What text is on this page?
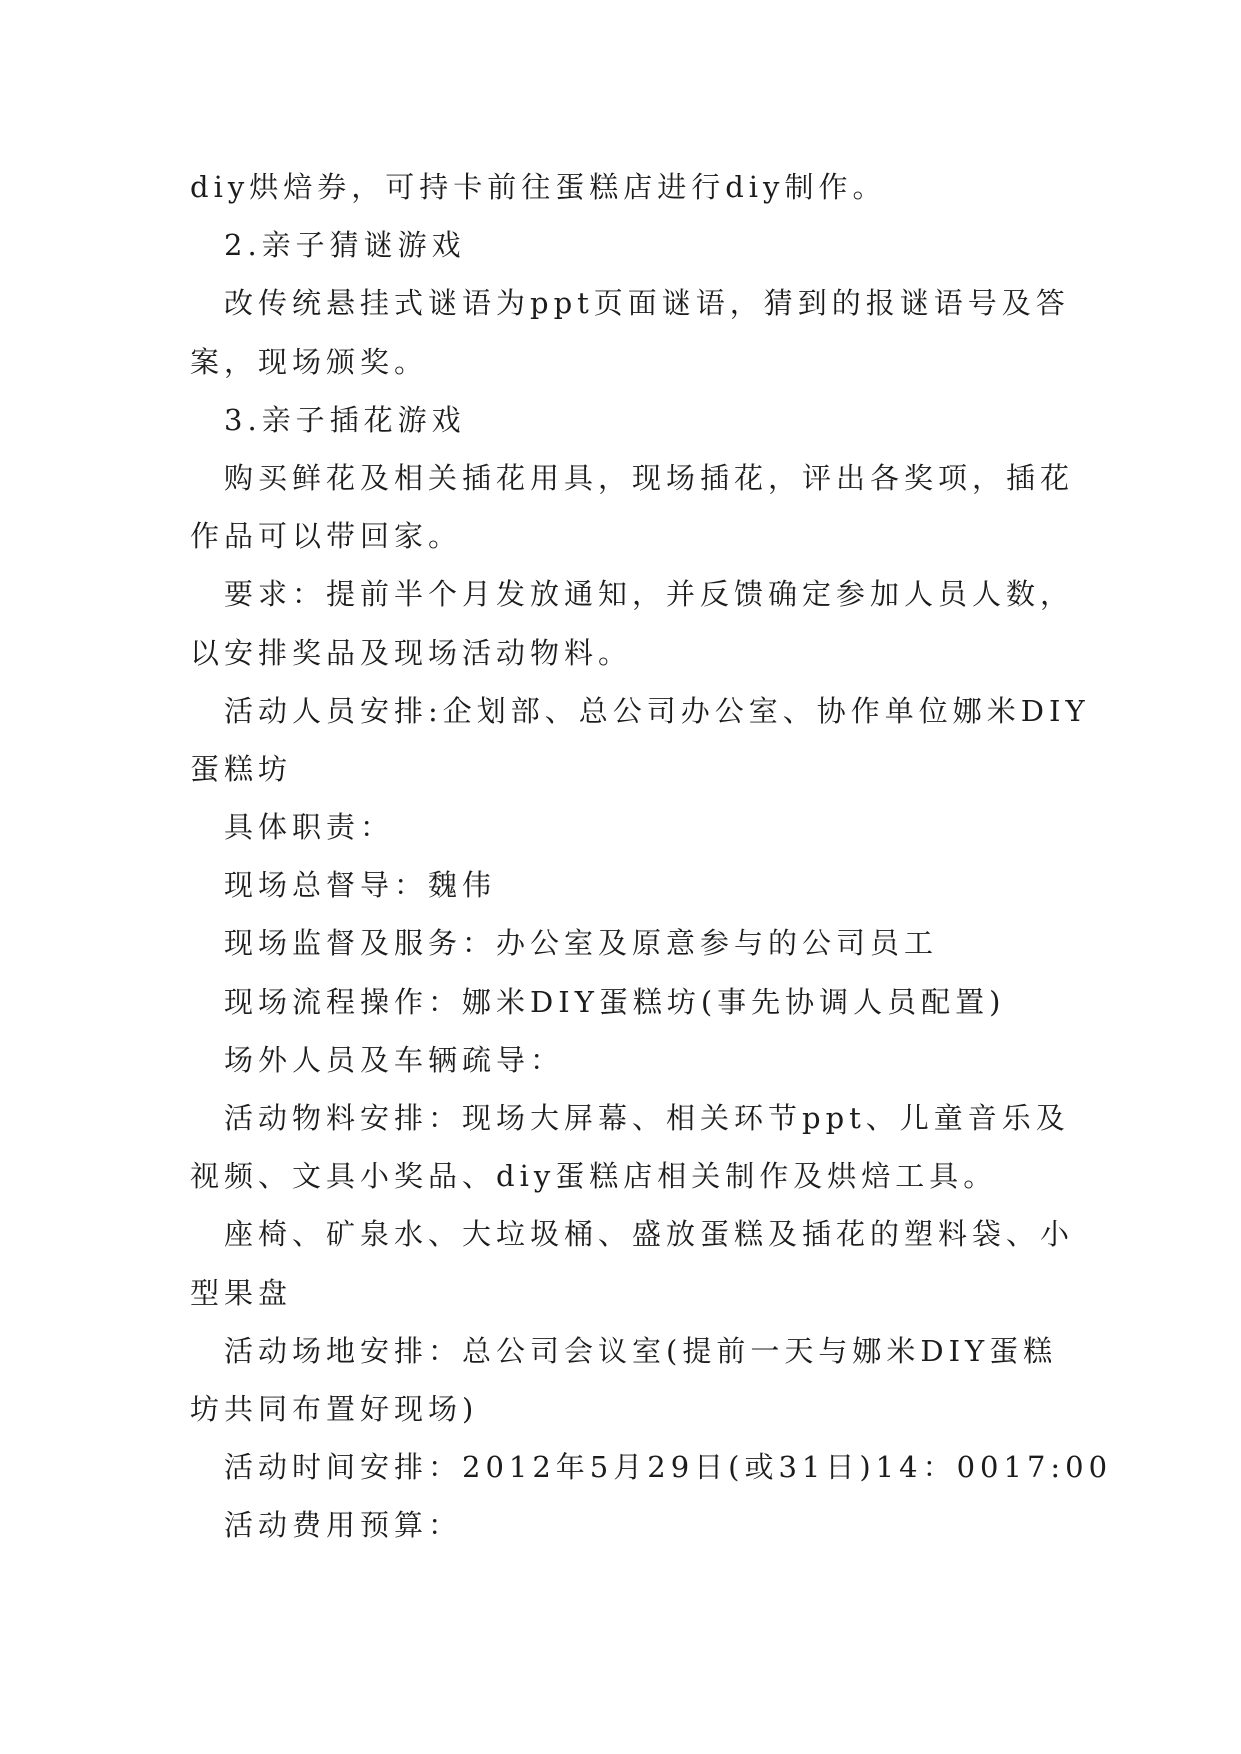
diy烘焙券，可持卡前往蛋糕店进行diy制作。
2.亲子猜谜游戏
改传统悬挂式谜语为ppt页面谜语，猜到的报谜语号及答
案，现场颁奖。
3.亲子插花游戏
购买鲜花及相关插花用具，现场插花，评出各奖项，插花
作品可以带回家。
要求：提前半个月发放通知，并反馈确定参加人员人数，
以安排奖品及现场活动物料。
活动人员安排:企划部、总公司办公室、协作单位娜米DIY
蛋糕坊
具体职责：
现场总督导：魏伟
现场监督及服务：办公室及原意参与的公司员工
现场流程操作：娜米DIY蛋糕坊(事先协调人员配置)
场外人员及车辆疏导：
活动物料安排：现场大屏幕、相关环节ppt、儿童音乐及
视频、文具小奖品、diy蛋糕店相关制作及烘焙工具。
座椅、矿泉水、大垃圾桶、盛放蛋糕及插花的塑料袋、小
型果盘
活动场地安排：总公司会议室(提前一天与娜米DIY蛋糕
坊共同布置好现场)
活动时间安排：2012年5月29日(或31日)14：0017:00
活动费用预算：
